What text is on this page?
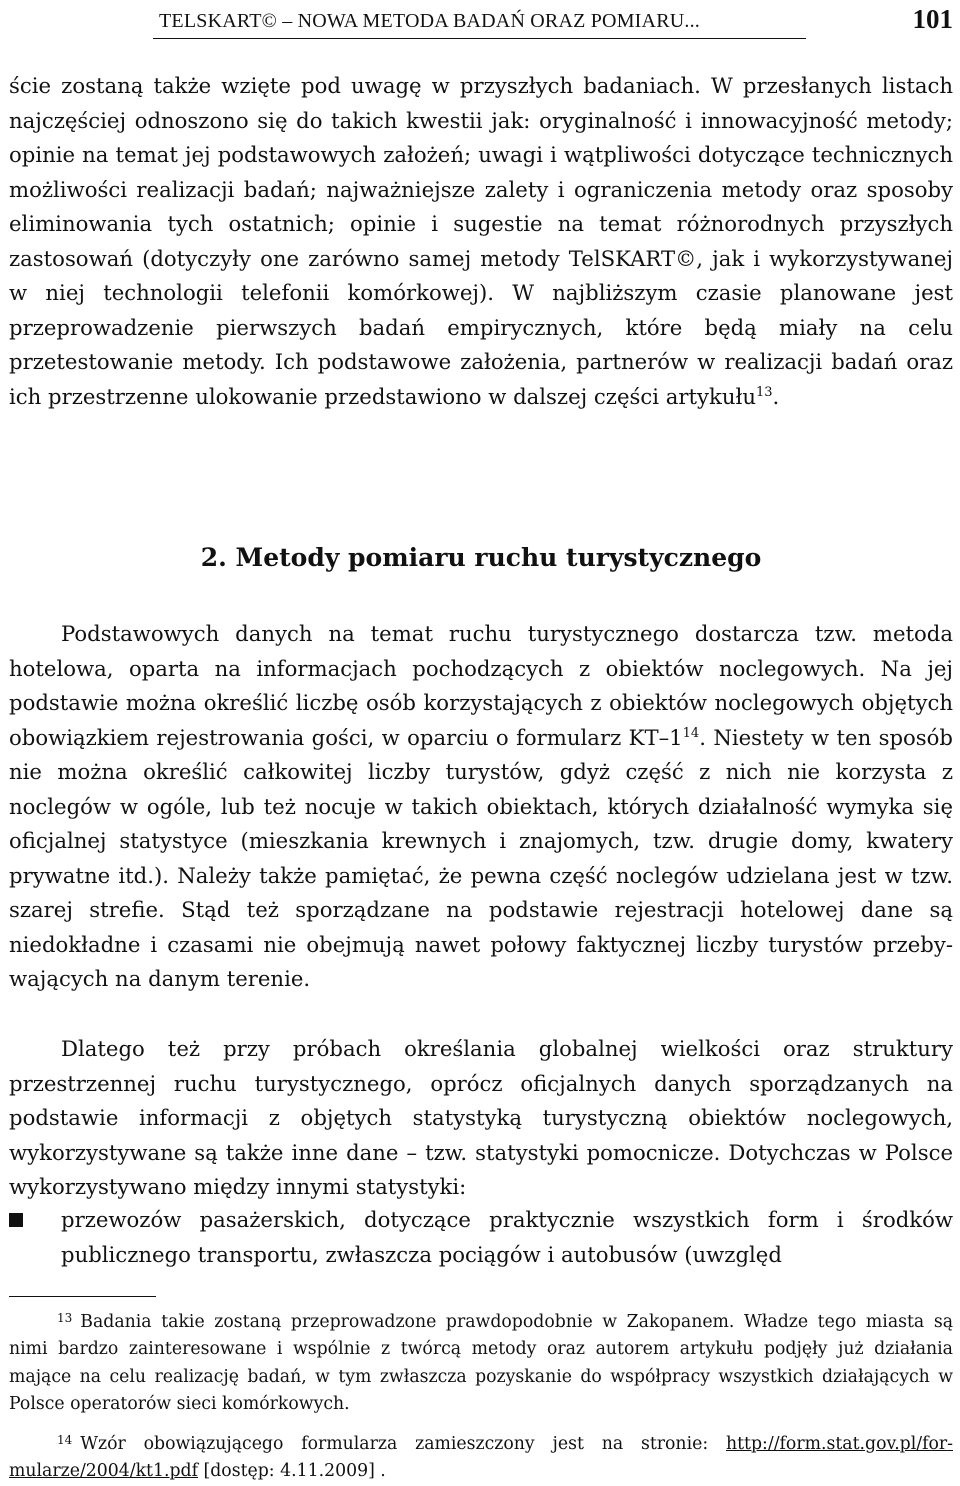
TELSKART© – NOWA METODA BADAŃ ORAZ POMIARU...	101

ście zostaną także wzięte pod uwagę w przyszłych badaniach. W przesłanych listach najczęściej odnoszono się do takich kwestii jak: oryginalność i innowacyjność metody; opinie na temat jej podstawowych założeń; uwagi i wątpliwości dotyczące technicznych możliwości realizacji badań; najważniejsze zalety i ograniczenia metody oraz sposoby eliminowania tych ostatnich; opinie i sugestie na temat różnorodnych przyszłych zastosowań (dotyczyły one zarówno samej metody TelSKART©, jak i wykorzystywanej w niej technologii telefonii komórkowej). W najbliższym czasie planowane jest przeprowadzenie pierwszych badań empirycznych, które będą miały na celu przetestowanie metody. Ich podstawowe założenia, partnerów w realizacji badań oraz ich przestrzenne ulokowanie przedstawiono w dalszej części artykułu$^{13}$.

2. Metody pomiaru ruchu turystycznego

Podstawowych danych na temat ruchu turystycznego dostarcza tzw. metoda hotelowa, oparta na informacjach pochodzących z obiektów noclegowych. Na jej podstawie można określić liczbę osób korzystających z obiektów noclegowych objętych obowiązkiem rejestrowania gości, w oparciu o formularz $KT-1^{14}$. Niestety w ten sposób nie można określić całkowitej liczby turystów, gdyż część z nich nie korzysta z noclegów w ogóle, lub też nocuje w takich obiektach, których działalność wymyka się oficjalnej statystyce (mieszkania krewnych i znajomych, tzw. drugie domy, kwatery prywatne itd.). Należy także pamiętać, że pewna część noclegów udzielana jest w tzw. szarej strefie. Stąd też sporządzane na podstawie rejestracji hotelowej dane są niedokładne i czasami nie obejmują nawet połowy faktycznej liczby turystów przebywających na danym terenie.

Dlatego też przy próbach określania globalnej wielkości oraz struktury przestrzennej ruchu turystycznego, oprócz oficjalnych danych sporządzanych na podstawie informacji z objętych statystyką turystyczną obiektów noclegowych, wykorzystywane są także inne dane – tzw. statystyki pomocnicze. Dotychczas w Polsce wykorzystywano między innymi statystyki:

przewozów pasażerskich, dotyczące praktycznie wszystkich form i środków publicznego transportu, zwłaszcza pociągów i autobusów (uwzględ

$^{13}$ Badania takie zostaną przeprowadzone prawdopodobnie w Zakopanem. Władze tego miasta są nimi bardzo zainteresowane i wspólnie z twórcą metody oraz autorem artykułu podjęły już działania mające na celu realizację badań, w tym zwłaszcza pozyskanie do współpracy wszystkich działających w Polsce operatorów sieci komórkowych.

$^{14}$ Wzór obowiązującego formularza zamieszczony jest na stronie: http://form.stat.gov.pl/formularze/2004/kt1.pdf [dostęp: 4.11.2009] .
